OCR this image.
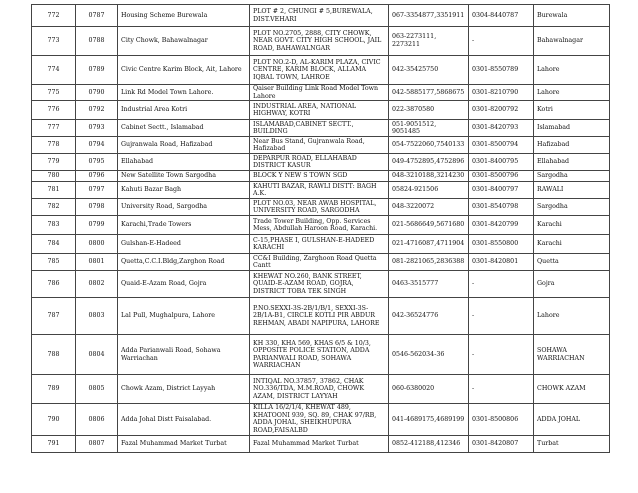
772	0787	Housing Scheme Burewala	PLOT # 2, CHUNGI # 5,BUREWALA, DIST.VEHARI	067-3354877,3351911	0304-8440787	Burewala
773	0788	City Chowk, Bahawalnagar	PLOT NO.2705, 2888, CITY CHOWK, NEAR GOVT. CITY HIGH SCHOOL, JAIL ROAD, BAHAWALNGAR	063-2273111, 2273211	-	Bahawalnagar
774	0789	Civic Centre Karim Block, Ait, Lahore	PLOT NO.2-D, AL-KARIM PLAZA, CIVIC CENTRE, KARIM BLOCK, ALLAMA IQBAL TOWN, LAHROE	042-35425750	0301-8550789	Lahore
775	0790	Link Rd Model Town Lahore.	Qaiser Building Link Road Model Town Lahore	042-5885177,5868675	0301-8210790	Lahore
776	0792	Industrial Area Kotri	INDUSTRIAL AREA, NATIONAL HIGHWAY, KOTRI	022-3870580	0301-8200792	Kotri
777	0793	Cabinet Sectt., Islamabad	ISLAMABAD,CABINET SECTT., BUILDING	051-9051512, 9051485	0301-8420793	Islamabad
778	0794	Gujranwala Road, Hafizabad	Near Bus Stand, Gujranwala Road, Hafizabad	054-7522060,7540133	0301-8500794	Hafizabad
779	0795	Ellahabad	DEPARPUR ROAD, ELLAHABAD DISTRICT KASUR	049-4752895,4752896	0301-8400795	Ellahabad
780	0796	New Satellite Town Sargodha	BLOCK Y NEW S TOWN SGD	048-3210188,3214230	0301-8500796	Sargodha
781	0797	Kahuti Bazar Bagh	KAHUTI BAZAR, RAWLI DISTT: BAGH A.K.	05824-921506	0301-8400797	RAWALI
782	0798	University Road, Sargodha	PLOT NO.03, NEAR AWAB HOSPITAL, UNIVERSITY ROAD, SARGODHA	048-3220072	0301-8540798	Sargodha
783	0799	Karachi,Trade Towers	Trade Tower Building, Opp. Services Mess, Abdullah Haroon Road, Karachi.	021-5686649,5671680	0301-8420799	Karachi
784	0800	Gulshan-E-Hadeed	C-15,PHASE I, GULSHAN-E-HADEED KARACHI	021-4716087,4711904	0301-8550800	Karachi
785	0801	Quetta,C.C.I.Bldg,Zarghon Road	CC&I Building, Zarghoon Road Quetta Cantt	081-2821065,2836388	0301-8420801	Quetta
786	0802	Quaid-E-Azam Road, Gojra	KHEWAT NO.260, BANK STREET, QUAID-E-AZAM ROAD, GOJRA, DISTRICT TOBA TEK SINGH	0463-3515777	-	Gojra
787	0803	Lal Pull, Mughalpura, Lahore	P.NO.SEXXI-3S-2B/1/B/1, SEXXI-3S-2B/1A-B1, CIRCLE KOTLI PIR ABDUR REHMAN, ABADI NAPIPURA, LAHORE	042-36524776	-	Lahore
788	0804	Adda Parianwali Road, Sohawa Warriachan	KH 330, KHA 569, KHAS 6/5 & 10/3, OPPOSITE POLICE STATION, ADDA PARIANWALI ROAD, SOHAWA WARRIACHAN	0546-562034-36	-	SOHAWA WARRIACHAN
789	0805	Chowk Azam, District Layyah	INTIQAL NO.37857, 37862, CHAK NO.336/TDA, M.M.ROAD, CHOWK AZAM, DISTRICT LAYYAH	060-6380020	-	CHOWK AZAM
790	0806	Adda Johal Distt Faisalabad.	KILLA 16/2/1/4, KHEWAT 489, KHATOONI 939, SQ. 89, CHAK 97/RB, ADDA JOHAL, SHEIKHUPURA ROAD,FAISALBD	041-4689175,4689199	0301-8500806	ADDA JOHAL
791	0807	Fazal Muhammad Market Turbat	Fazal Muhammad Market Turbat	0852-412188,412346	0301-8420807	Turbat
